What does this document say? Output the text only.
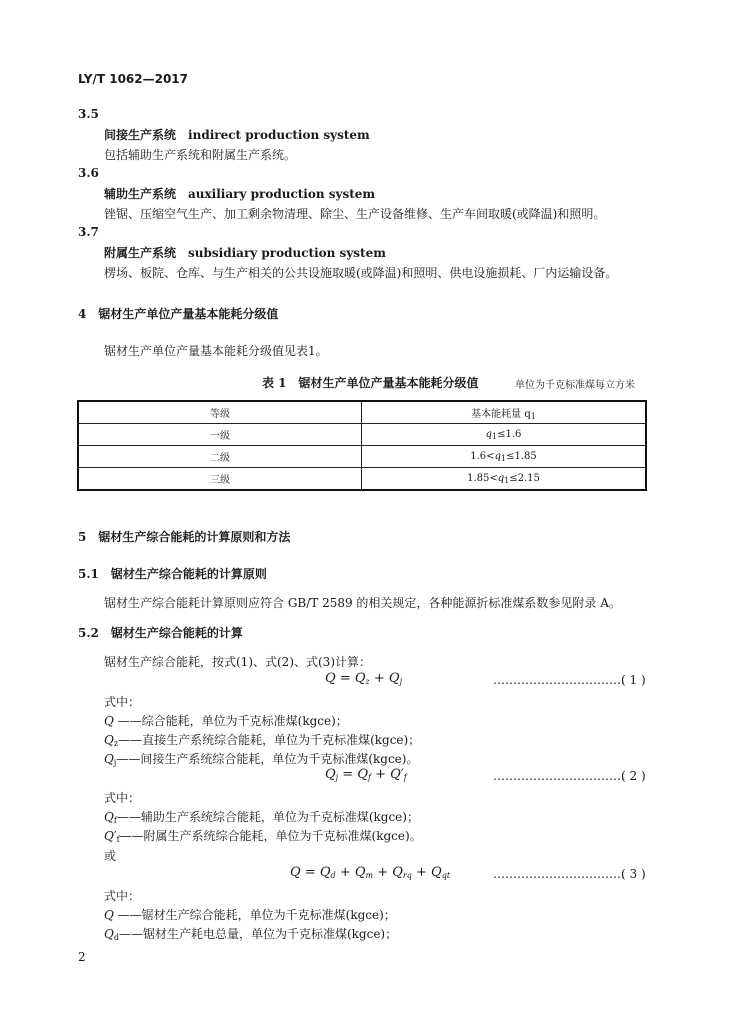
LY/T 1062—2017
3.5
间接生产系统　 indirect production system
包括辅助生产系统和附属生产系统。
3.6
辅助生产系统　 auxiliary production system
锉锯、压缩空气生产、加工剩余物清理、除尘、生产设备维修、生产车间取暖(或降温)和照明。
3.7
附属生产系统　 subsidiary production system
楞场、板院、仓库、与生产相关的公共设施取暖(或降温)和照明、供电设施损耗、厂内运输设备。
4　锯材生产单位产量基本能耗分级值
锯材生产单位产量基本能耗分级值见表1。
表 1　锯材生产单位产量基本能耗分级值	单位为千克标准煤每立方米
等级	基本能耗量 $q_1$
一级	$q_1\le 1.6$
二级	$1.6<q_1\le 1.85$
三级	$1.85<q_1\le 2.15$
5　锯材生产综合能耗的计算原则和方法
5.1　锯材生产综合能耗的计算原则
锯材生产综合能耗计算原则应符合 GB/T 2589 的相关规定，各种能源折标准煤系数参见附录 A。
5.2　锯材生产综合能耗的计算
锯材生产综合能耗，按式(1)、式(2)、式(3)计算：
$Q = Q_z + Q_j$	……………………………
( 1 )
式中：
Q ——综合能耗，单位为千克标准煤(kgce)；
$Q_z——$直接生产系统综合能耗，单位为千克标准煤(kgce)；
$Q_j——$间接生产系统综合能耗，单位为千克标准煤(kgce)。
$Q_j = Q_f + Q'_f$	……………………………
( 2 )
式中：
$Q_f——$辅助生产系统综合能耗，单位为千克标准煤(kgce)；
$Q'_f——$附属生产系统综合能耗，单位为千克标准煤(kgce)。
或
$Q = Q_d + Q_m + Q_{rq} + Q_{qt}$	……………………………
( 3 )
式中：
Q ——锯材生产综合能耗，单位为千克标准煤(kgce)；
$Q_d——$锯材生产耗电总量，单位为千克标准煤(kgce)；
2
